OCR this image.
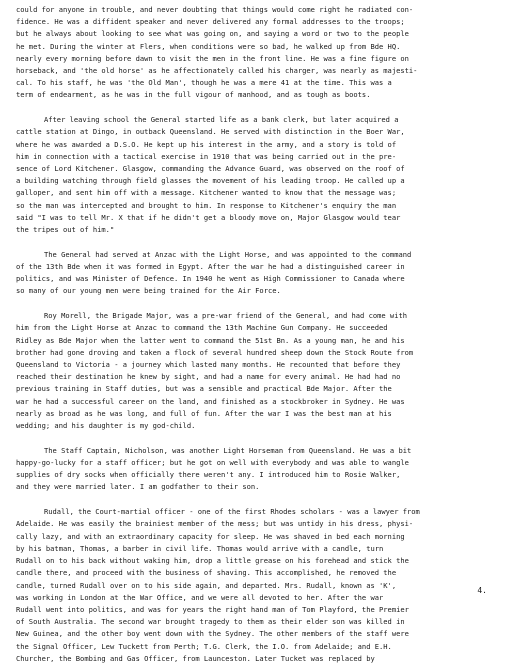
could for anyone in trouble, and never doubting that things would come right he radiated con-
fidence. He was a diffident speaker and never delivered any formal addresses to the troops;
but he always about looking to see what was going on, and saying a word or two to the people
he met. During the winter at Flers, when conditions were so bad, he walked up from Bde HQ.
nearly every morning before dawn to visit the men in the front line. He was a fine figure on
horseback, and 'the old horse' as he affectionately called his charger, was nearly as majesti-
cal. To his staff, he was 'the Old Man', though he was a mere 41 at the time. This was a
term of endearment, as he was in the full vigour of manhood, and as tough as boots.
After leaving school the General started life as a bank clerk, but later acquired a
cattle station at Dingo, in outback Queensland. He served with distinction in the Boer War,
where he was awarded a D.S.O. He kept up his interest in the army, and a story is told of
him in connection with a tactical exercise in 1910 that was being carried out in the pre-
sence of Lord Kitchener. Glasgow, commanding the Advance Guard, was observed on the roof of
a building watching through field glasses the movement of his leading troop. He called up a
galloper, and sent him off with a message. Kitchener wanted to know that the message was;
so the man was intercepted and brought to him. In response to Kitchener's enquiry the man
said "I was to tell Mr. X that if he didn't get a bloody move on, Major Glasgow would tear
the tripes out of him."
The General had served at Anzac with the Light Horse, and was appointed to the command
of the 13th Bde when it was formed in Egypt. After the war he had a distinguished career in
politics, and was Minister of Defence. In 1940 he went as High Commissioner to Canada where
so many of our young men were being trained for the Air Force.
Roy Morell, the Brigade Major, was a pre-war friend of the General, and had come with
him from the Light Horse at Anzac to command the 13th Machine Gun Company. He succeeded
Ridley as Bde Major when the latter went to command the 51st Bn. As a young man, he and his
brother had gone droving and taken a flock of several hundred sheep down the Stock Route from
Queensland to Victoria - a journey which lasted many months. He recounted that before they
reached their destination he knew by sight, and had a name for every animal. He had had no
previous training in Staff duties, but was a sensible and practical Bde Major. After the
war he had a successful career on the land, and finished as a stockbroker in Sydney. He was
nearly as broad as he was long, and full of fun. After the war I was the best man at his
wedding; and his daughter is my god-child.
The Staff Captain, Nicholson, was another Light Horseman from Queensland. He was a bit
happy-go-lucky for a staff officer; but he got on well with everybody and was able to wangle
supplies of dry socks when officially there weren't any. I introduced him to Rosie Walker,
and they were married later. I am godfather to their son.
Rudall, the Court-martial officer - one of the first Rhodes scholars - was a lawyer from
Adelaide. He was easily the brainiest member of the mess; but was untidy in his dress, physi-
cally lazy, and with an extraordinary capacity for sleep. He was shaved in bed each morning
by his batman, Thomas, a barber in civil life. Thomas would arrive with a candle, turn
Rudall on to his back without waking him, drop a little grease on his forehead and stick the
candle there, and proceed with the business of shaving. This accomplished, he removed the
candle, turned Rudall over on to his side again, and departed. Mrs. Rudall, known as 'K',
was working in London at the War Office, and we were all devoted to her. After the war
Rudall went into politics, and was for years the right hand man of Tom Playford, the Premier
of South Australia. The second war brought tragedy to them as their elder son was killed in
New Guinea, and the other boy went down with the Sydney. The other members of the staff were
the Signal Officer, Lew Tuckett from Perth; T.G. Clerk, the I.O. from Adelaide; and E.H.
Churcher, the Bombing and Gas Officer, from Launceston. Later Tucket was replaced by
4.
